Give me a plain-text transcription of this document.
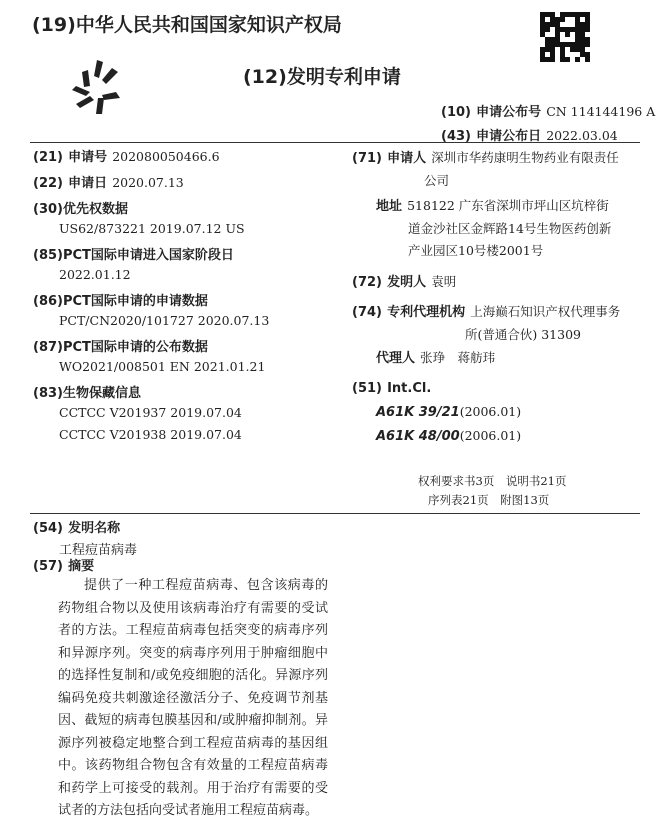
(19)中华人民共和国国家知识产权局
(12)发明专利申请
(10) 申请公布号 CN 114144196 A
(43) 申请公布日 2022.03.04
(21) 申请号 202080050466.6
(22) 申请日 2020.07.13
(30)优先权数据
US62/873221 2019.07.12 US
(85)PCT国际申请进入国家阶段日
2022.01.12
(86)PCT国际申请的申请数据
PCT/CN2020/101727 2020.07.13
(87)PCT国际申请的公布数据
WO2021/008501 EN 2021.01.21
(83)生物保藏信息
CCTCC V201937 2019.07.04
CCTCC V201938 2019.07.04
(71) 申请人 深圳市华药康明生物药业有限责任
公司
地址 518122 广东省深圳市坪山区坑梓街
道金沙社区金辉路14号生物医药创新
产业园区10号楼2001号
(72) 发明人 袁明
(74) 专利代理机构 上海巅石知识产权代理事务
所(普通合伙) 31309
代理人 张琤　蒋舫玮
(51) Int.Cl.
A61K 39/21(2006.01)
A61K 48/00(2006.01)
权利要求书3页　 说明书21页
序列表21页　 附图13页
(54) 发明名称
工程痘苗病毒
(57) 摘要
提供了一种工程痘苗病毒、包含该病毒的药物组合物以及使用该病毒治疗有需要的受试者的方法。工程痘苗病毒包括突变的病毒序列和异源序列。突变的病毒序列用于肿瘤细胞中的选择性复制和/或免疫细胞的活化。异源序列编码免疫共刺激途径激活分子、免疫调节剂基因、截短的病毒包膜基因和/或肿瘤抑制剂。异源序列被稳定地整合到工程痘苗病毒的基因组中。该药物组合物包含有效量的工程痘苗病毒和药学上可接受的载剂。用于治疗有需要的受试者的方法包括向受试者施用工程痘苗病毒。
